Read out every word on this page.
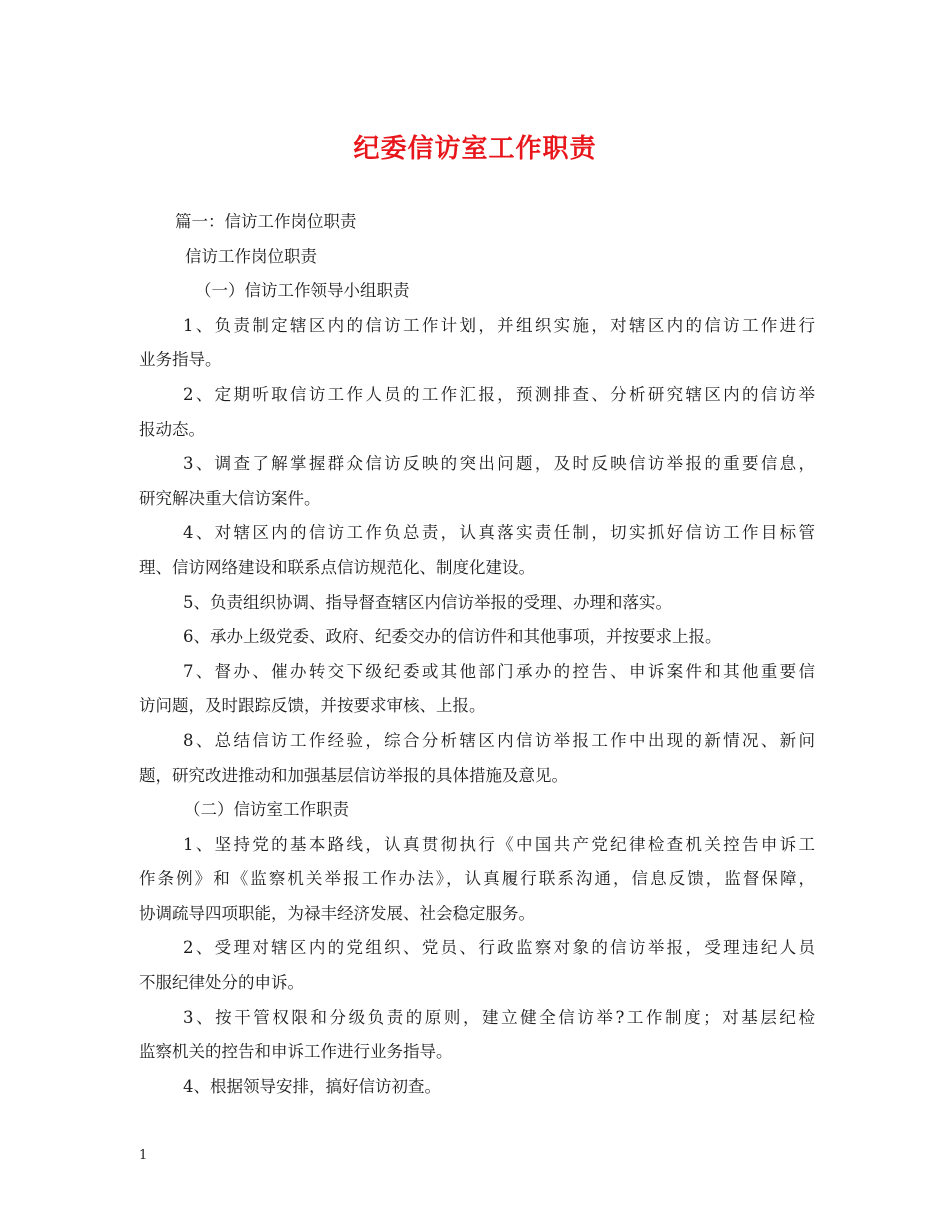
纪委信访室工作职责
篇一：信访工作岗位职责
信访工作岗位职责
（一）信访工作领导小组职责
1、负责制定辖区内的信访工作计划，并组织实施，对辖区内的信访工作进行
业务指导。
2、定期听取信访工作人员的工作汇报，预测排查、分析研究辖区内的信访举
报动态。
3、调查了解掌握群众信访反映的突出问题，及时反映信访举报的重要信息，
研究解决重大信访案件。
4、对辖区内的信访工作负总责，认真落实责任制，切实抓好信访工作目标管
理、信访网络建设和联系点信访规范化、制度化建设。
5、负责组织协调、指导督查辖区内信访举报的受理、办理和落实。
6、承办上级党委、政府、纪委交办的信访件和其他事项，并按要求上报。
7、督办、催办转交下级纪委或其他部门承办的控告、申诉案件和其他重要信
访问题，及时跟踪反馈，并按要求审核、上报。
8、总结信访工作经验，综合分析辖区内信访举报工作中出现的新情况、新问
题，研究改进推动和加强基层信访举报的具体措施及意见。
（二）信访室工作职责
1、坚持党的基本路线，认真贯彻执行《中国共产党纪律检查机关控告申诉工
作条例》和《监察机关举报工作办法》，认真履行联系沟通，信息反馈，监督保障，
协调疏导四项职能，为禄丰经济发展、社会稳定服务。
2、受理对辖区内的党组织、党员、行政监察对象的信访举报，受理违纪人员
不服纪律处分的申诉。
3、按干管权限和分级负责的原则，建立健全信访举?工作制度；对基层纪检
监察机关的控告和申诉工作进行业务指导。
4、根据领导安排，搞好信访初查。
1
